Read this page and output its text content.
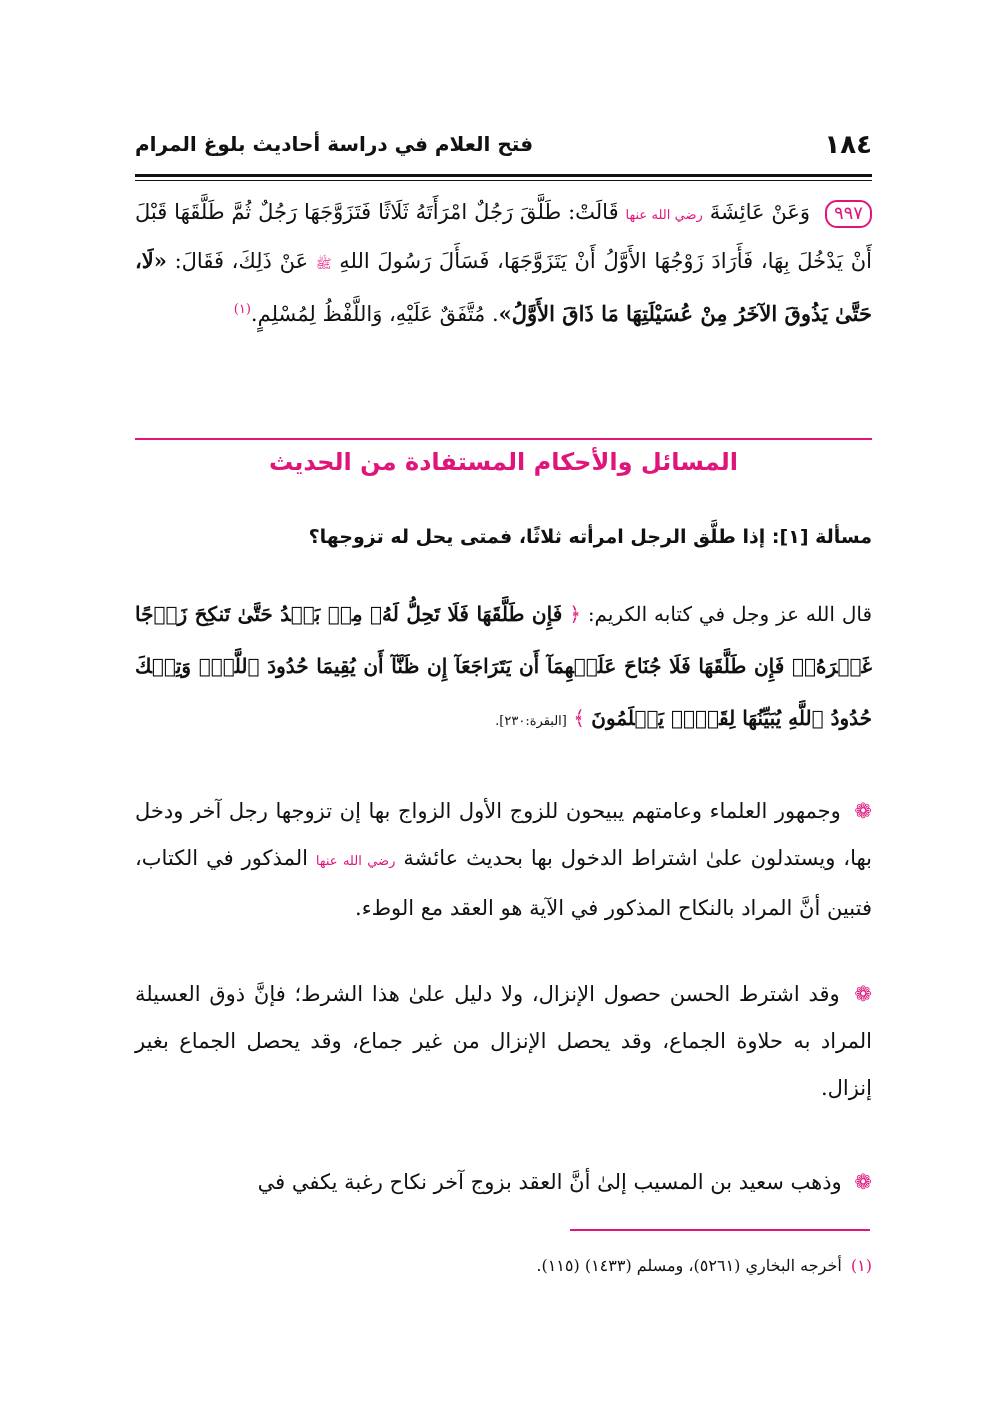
١٨٤
فتح العلام في دراسة أحاديث بلوغ المرام
٩٩٧ وَعَنْ عَائِشَةَ رضي الله عنها قَالَتْ: طَلَّقَ رَجُلٌ امْرَأَتَهُ ثَلَاثًا فَتَزَوَّجَهَا رَجُلٌ ثُمَّ طَلَّقَهَا قَبْلَ أَنْ يَدْخُلَ بِهَا، فَأَرَادَ زَوْجُهَا الأَوَّلُ أَنْ يَتَزَوَّجَهَا، فَسَأَلَ رَسُولَ اللهِ ﷺ عَنْ ذَلِكَ، فَقَالَ: «لَا، حَتَّىٰ يَذُوقَ الآخَرُ مِنْ عُسَيْلَتِهَا مَا ذَاقَ الأَوَّلُ». مُتَّفَقٌ عَلَيْهِ، وَاللَّفْظُ لِمُسْلِمٍ.$^{(١)}$
المسائل والأحكام المستفادة من الحديث
مسألة [١]: إذا طلَّق الرجل امرأته ثلاثًا، فمتى يحل له تزوجها؟
قال الله عز وجل في كتابه الكريم: ﴿ فَإِن طَلَّقَهَا فَلَا تَحِلُّ لَهُۥ مِنۢ بَعۡدُ حَتَّىٰ تَنكِحَ زَوۡجًا غَيۡرَهُۥۗ فَإِن طَلَّقَهَا فَلَا جُنَاحَ عَلَيۡهِمَآ أَن يَتَرَاجَعَآ إِن ظَنَّآ أَن يُقِيمَا حُدُودَ ٱللَّهِۗ وَتِلۡكَ حُدُودُ ٱللَّهِ يُبَيِّنُهَا لِقَوۡمٖ يَعۡلَمُونَ ﴾ [البقرة:٢٣٠].
❁ وجمهور العلماء وعامتهم يبيحون للزوج الأول الزواج بها إن تزوجها رجل آخر ودخل بها، ويستدلون علىٰ اشتراط الدخول بها بحديث عائشة رضي الله عنها المذكور في الكتاب، فتبين أنَّ المراد بالنكاح المذكور في الآية هو العقد مع الوطء.
❁ وقد اشترط الحسن حصول الإنزال، ولا دليل علىٰ هذا الشرط؛ فإنَّ ذوق العسيلة المراد به حلاوة الجماع، وقد يحصل الإنزال من غير جماع، وقد يحصل الجماع بغير إنزال.
❁ وذهب سعيد بن المسيب إلىٰ أنَّ العقد بزوج آخر نكاح رغبة يكفي في
(١) أخرجه البخاري (٥٢٦١)، ومسلم (١٤٣٣) (١١٥).
